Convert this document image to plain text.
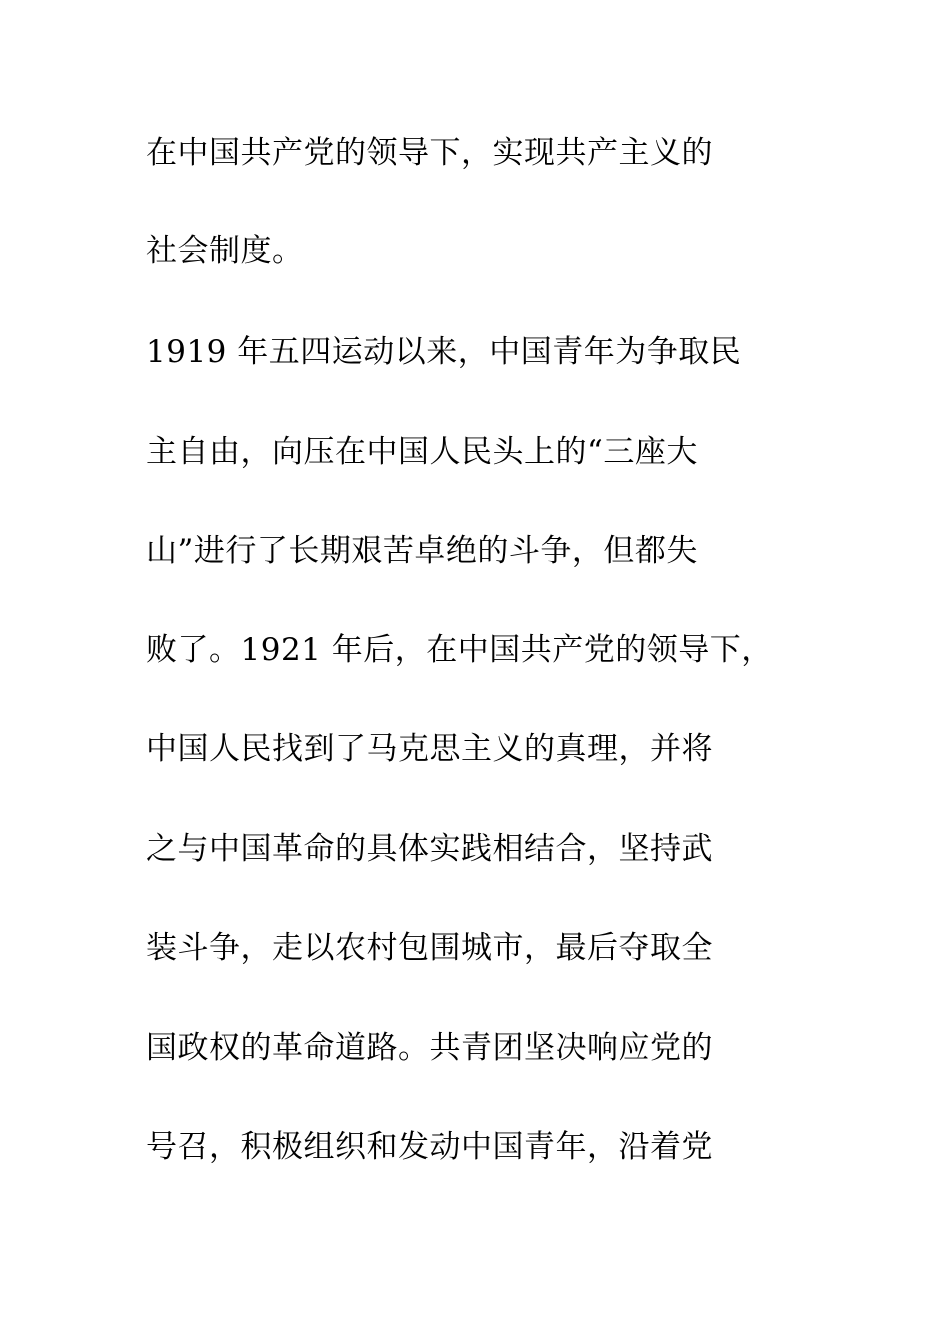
在中国共产党的领导下，实现共产主义的
社会制度。
1919 年五四运动以来，中国青年为争取民
主自由，向压在中国人民头上的“三座大
山”进行了长期艰苦卓绝的斗争，但都失
败了。1921 年后，在中国共产党的领导下，
中国人民找到了马克思主义的真理，并将
之与中国革命的具体实践相结合，坚持武
装斗争，走以农村包围城市，最后夺取全
国政权的革命道路。共青团坚决响应党的
号召，积极组织和发动中国青年，沿着党
